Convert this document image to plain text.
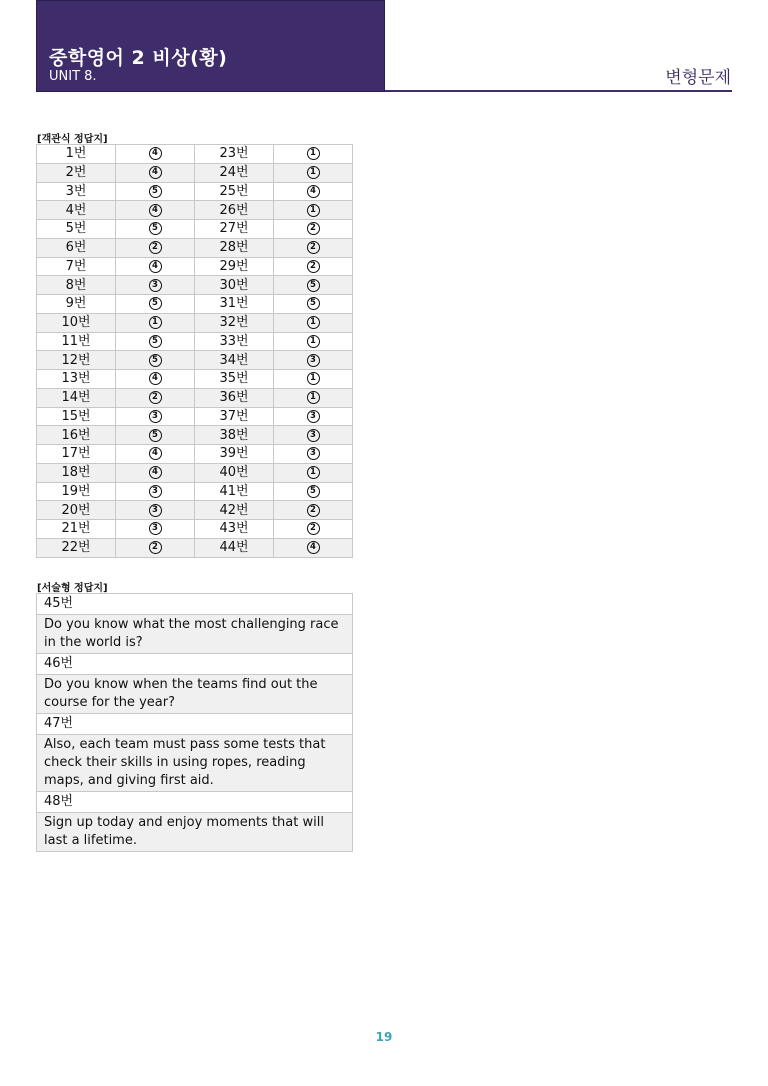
중학영어 2 비상(황)
UNIT 8.	변형문제
[객관식 정답지]
1번	4	23번	1
2번	4	24번	1
3번	5	25번	4
4번	4	26번	1
5번	5	27번	2
6번	2	28번	2
7번	4	29번	2
8번	3	30번	5
9번	5	31번	5
10번	1	32번	1
11번	5	33번	1
12번	5	34번	3
13번	4	35번	1
14번	2	36번	1
15번	3	37번	3
16번	5	38번	3
17번	4	39번	3
18번	4	40번	1
19번	3	41번	5
20번	3	42번	2
21번	3	43번	2
22번	2	44번	4
[서술형 정답지]
45번
Do you know what the most challenging race in the world is?
46번
Do you know when the teams find out the course for the year?
47번
Also, each team must pass some tests that check their skills in using ropes, reading maps, and giving first aid.
48번
Sign up today and enjoy moments that will last a lifetime.
19
